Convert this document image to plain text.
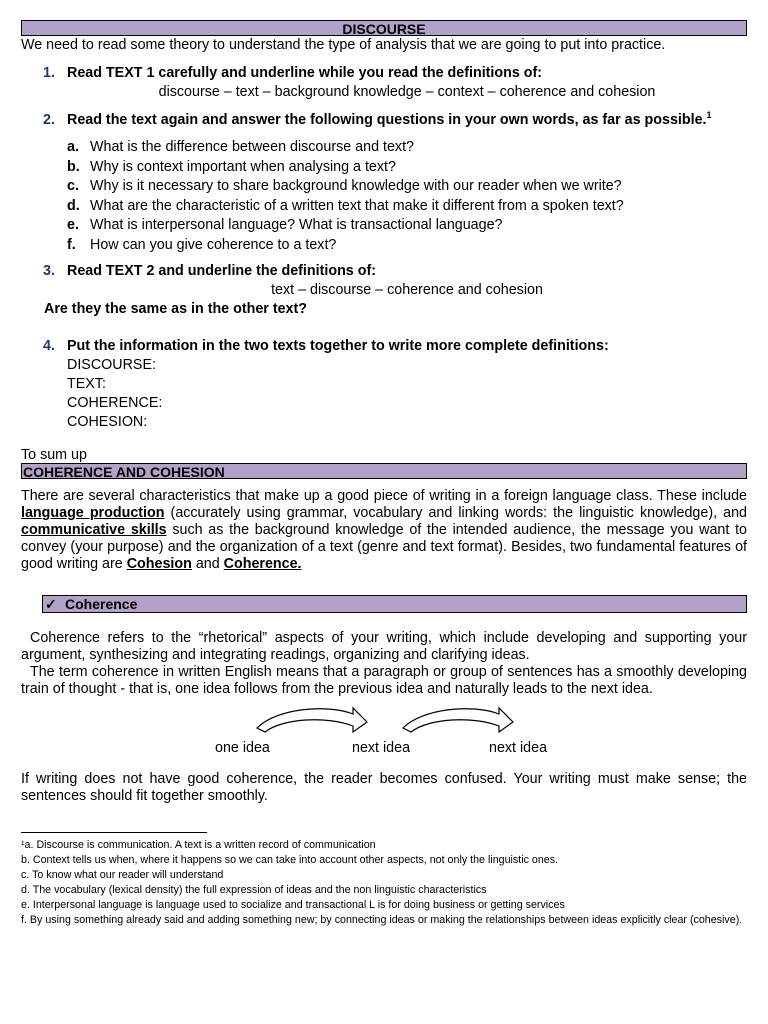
DISCOURSE

We need to read some theory to understand the type of analysis that we are going to put into practice.

1. Read TEXT 1 carefully and underline while you read the definitions of:
discourse – text – background knowledge – context – coherence and cohesion
2. Read the text again and answer the following questions in your own words, as far as possible.$^1$
a. What is the difference between discourse and text?
b. Why is context important when analysing a text?
c. Why is it necessary to share background knowledge with our reader when we write?
d. What are the characteristic of a written text that make it different from a spoken text?
e. What is interpersonal language? What is transactional language?
f. How can you give coherence to a text?
3. Read TEXT 2 and underline the definitions of:
text – discourse – coherence and cohesion
Are they the same as in the other text?
4. Put the information in the two texts together to write more complete definitions:
DISCOURSE:
TEXT:
COHERENCE:
COHESION:

To sum up

COHERENCE AND COHESION

There are several characteristics that make up a good piece of writing in a foreign language class. These include language production (accurately using grammar, vocabulary and linking words: the linguistic knowledge), and communicative skills such as the background knowledge of the intended audience, the message you want to convey (your purpose) and the organization of a text (genre and text format). Besides, two fundamental features of good writing are Cohesion and Coherence.

✓ Coherence

Coherence refers to the “rhetorical” aspects of your writing, which include developing and supporting your argument, synthesizing and integrating readings, organizing and clarifying ideas.

The term coherence in written English means that a paragraph or group of sentences has a smoothly developing train of thought - that is, one idea follows from the previous idea and naturally leads to the next idea.

one idea	next idea	next idea

If writing does not have good coherence, the reader becomes confused. Your writing must make sense; the sentences should fit together smoothly.

¹a. Discourse is communication. A text is a written record of communication
b. Context tells us when, where it happens so we can take into account other aspects, not only the linguistic ones.
c. To know what our reader will understand
d. The vocabulary (lexical density) the full expression of ideas and the non linguistic characteristics
e. Interpersonal language is language used to socialize and transactional L is for doing business or getting services
f. By using something already said and adding something new; by connecting ideas or making the relationships between ideas explicitly clear (cohesive).
